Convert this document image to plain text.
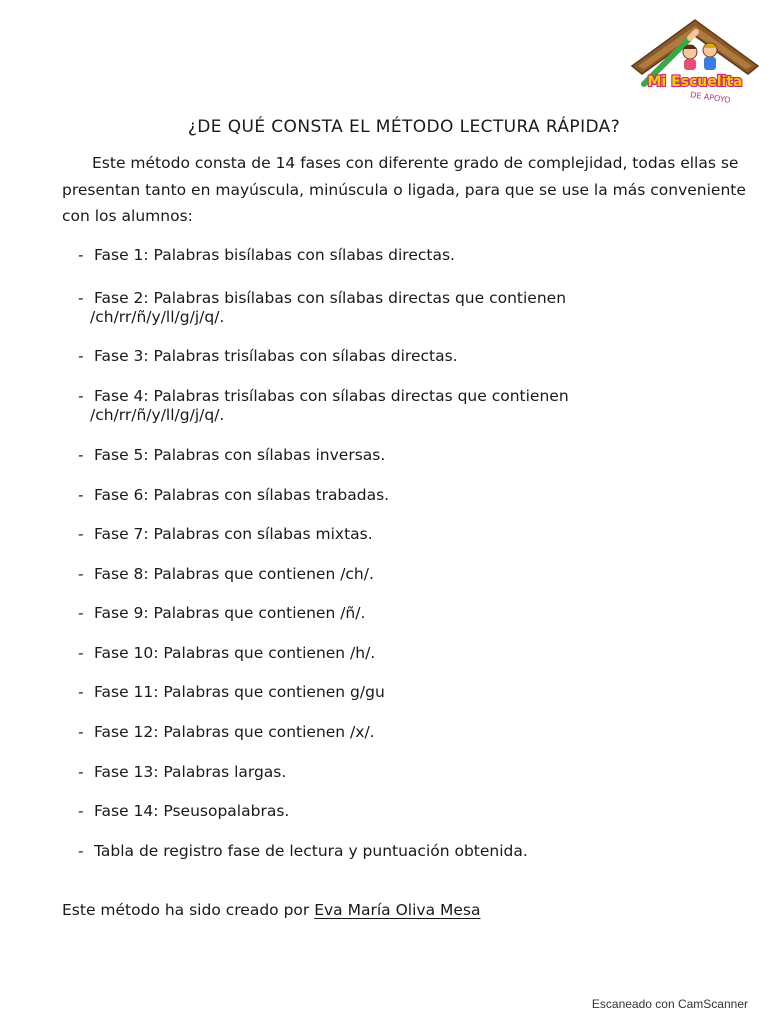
Mi Escuelita
DE APOYO
¿DE QUÉ CONSTA EL MÉTODO LECTURA RÁPIDA?

Este método consta de 14 fases con diferente grado de complejidad, todas ellas se presentan tanto en mayúscula, minúscula o ligada, para que se use la más conveniente con los alumnos:

- Fase 1: Palabras bisílabas con sílabas directas.
- Fase 2: Palabras bisílabas con sílabas directas que contienen
/ch/rr/ñ/y/ll/g/j/q/.
- Fase 3: Palabras trisílabas con sílabas directas.
- Fase 4: Palabras trisílabas con sílabas directas que contienen
/ch/rr/ñ/y/ll/g/j/q/.
- Fase 5: Palabras con sílabas inversas.
- Fase 6: Palabras con sílabas trabadas.
- Fase 7: Palabras con sílabas mixtas.
- Fase 8: Palabras que contienen /ch/.
- Fase 9: Palabras que contienen /ñ/.
- Fase 10: Palabras que contienen /h/.
- Fase 11: Palabras que contienen g/gu
- Fase 12: Palabras que contienen /x/.
- Fase 13: Palabras largas.
- Fase 14: Pseusopalabras.
- Tabla de registro fase de lectura y puntuación obtenida.

Este método ha sido creado por Eva María Oliva Mesa

Escaneado con CamScanner
